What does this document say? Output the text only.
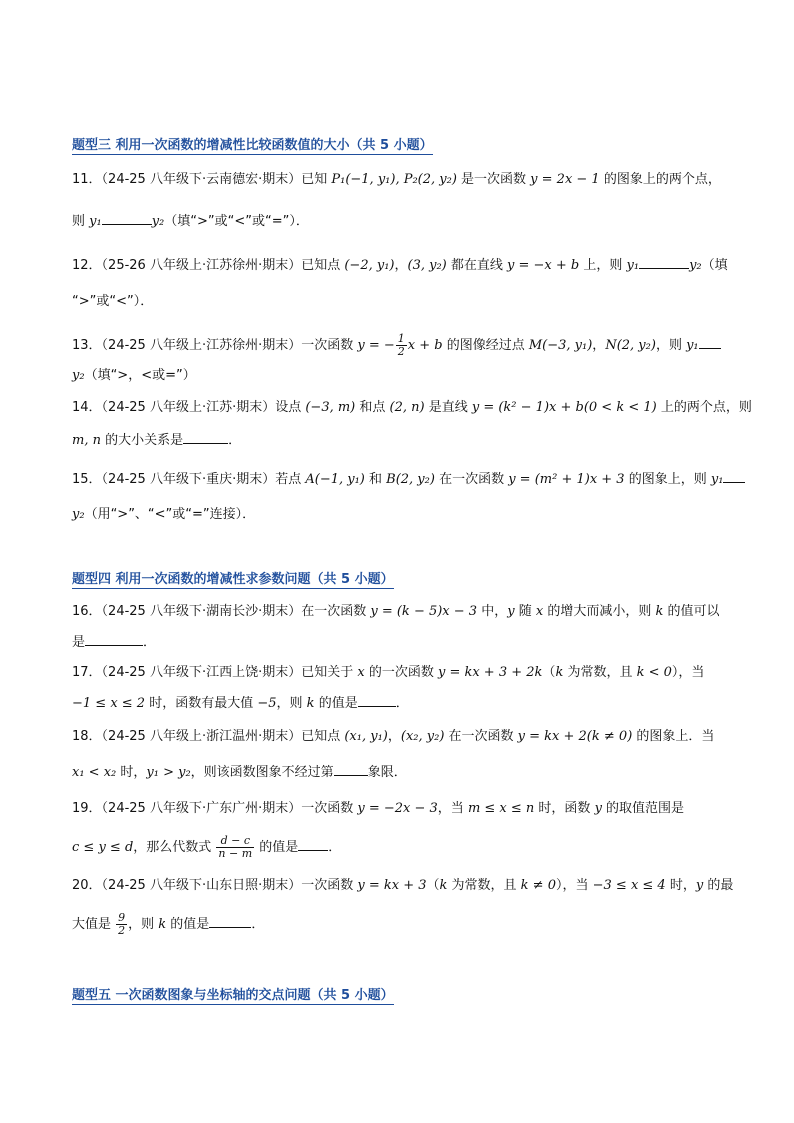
题型三 利用一次函数的增减性比较函数值的大小（共 5 小题）
11．（24-25 八年级下·云南德宏·期末）已知 P₁(−1, y₁), P₂(2, y₂) 是一次函数 y = 2x − 1 的图象上的两个点，
则 y₁	y₂（填“>”或“<”或“=”）．
12．（25-26 八年级上·江苏徐州·期末）已知点 (−2, y₁)，(3, y₂) 都在直线 y = −x + b 上，则 y₁	y₂（填
“>”或“<”）．
13．（24-25 八年级上·江苏徐州·期末）一次函数 y = − $\frac{1}{2}$ x + b 的图像经过点 M(−3, y₁)，N(2, y₂)，则 y₁
y₂（填“>，<或=”）
14．（24-25 八年级上·江苏·期末）设点 (−3, m) 和点 (2, n) 是直线 y = (k² − 1)x + b(0 < k < 1) 上的两个点，则
m, n 的大小关系是	．
15．（24-25 八年级下·重庆·期末）若点 A(−1, y₁) 和 B(2, y₂) 在一次函数 y = (m² + 1)x + 3 的图象上，则 y₁
y₂（用“>”、“<”或“=”连接）．
题型四 利用一次函数的增减性求参数问题（共 5 小题）
16．（24-25 八年级下·湖南长沙·期末）在一次函数 y = (k − 5)x − 3 中，y 随 x 的增大而减小，则 k 的值可以
是	．
17．（24-25 八年级下·江西上饶·期末）已知关于 x 的一次函数 y = kx + 3 + 2k（k 为常数，且 k < 0），当
−1 ≤ x ≤ 2 时，函数有最大值 −5，则 k 的值是	．
18．（24-25 八年级上·浙江温州·期末）已知点 (x₁, y₁)，(x₂, y₂) 在一次函数 y = kx + 2(k ≠ 0) 的图象上．当
x₁ < x₂ 时，y₁ > y₂，则该函数图象不经过第	象限．
19．（24-25 八年级下·广东广州·期末）一次函数 y = −2x − 3，当 m ≤ x ≤ n 时，函数 y 的取值范围是
c ≤ y ≤ d，那么代数式 $\frac{d - c}{n - m}$ 的值是 ．
20．（24-25 八年级下·山东日照·期末）一次函数 y = kx + 3（k 为常数，且 k ≠ 0），当 −3 ≤ x ≤ 4 时，y 的最
大值是 $\frac{9}{2}$ ，则 k 的值是	．
题型五 一次函数图象与坐标轴的交点问题（共 5 小题）
